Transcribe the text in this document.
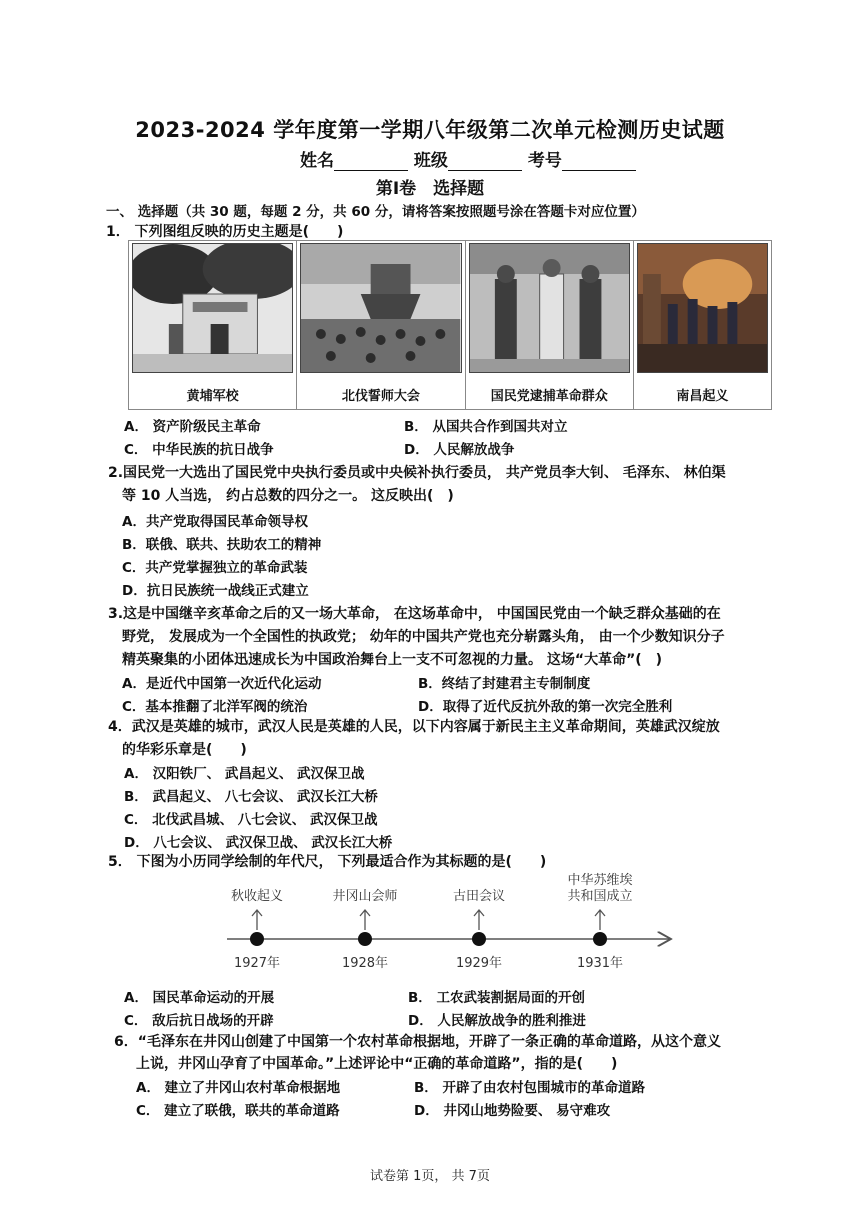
2023-2024 学年度第一学期八年级第二次单元检测历史试题
姓名	班级	考号
第Ⅰ卷　选择题
一、 选择题（共 30 题，每题 2 分，共 60 分，请将答案按照题号涂在答题卡对应位置）
1． 下列图组反映的历史主题是(　　)
黄埔军校	北伐誓师大会	国民党逮捕革命群众	南昌起义
A． 资产阶级民主革命	B． 从国共合作到国共对立
C． 中华民族的抗日战争	D． 人民解放战争
2.国民党一大选出了国民党中央执行委员或中央候补执行委员， 共产党员李大钊、 毛泽东、 林伯渠
等 10 人当选， 约占总数的四分之一。 这反映出(　)
A．共产党取得国民革命领导权
B．联俄、联共、扶助农工的精神
C．共产党掌握独立的革命武装
D．抗日民族统一战线正式建立
3.这是中国继辛亥革命之后的又一场大革命， 在这场革命中， 中国国民党由一个缺乏群众基础的在
野党， 发展成为一个全国性的执政党； 幼年的中国共产党也充分崭露头角， 由一个少数知识分子
精英聚集的小团体迅速成长为中国政治舞台上一支不可忽视的力量。 这场“大革命”(　)
A．是近代中国第一次近代化运动	B．终结了封建君主专制制度
C．基本推翻了北洋军阀的统治	D．取得了近代反抗外敌的第一次完全胜利
4．武汉是英雄的城市，武汉人民是英雄的人民，以下内容属于新民主主义革命期间，英雄武汉绽放
的华彩乐章是(　　)
A． 汉阳铁厂、 武昌起义、 武汉保卫战
B． 武昌起义、 八七会议、 武汉长江大桥
C． 北伐武昌城、 八七会议、 武汉保卫战
D． 八七会议、 武汉保卫战、 武汉长江大桥
5． 下图为小历同学绘制的年代尺， 下列最适合作为其标题的是(　　)
秋收起义
1927年
井冈山会师
1928年
古田会议
1929年
中华苏维埃
共和国成立
1931年
A． 国民革命运动的开展	B． 工农武装割据局面的开创
C． 敌后抗日战场的开辟	D． 人民解放战争的胜利推进
6．“毛泽东在井冈山创建了中国第一个农村革命根据地，开辟了一条正确的革命道路，从这个意义
上说，井冈山孕育了中国革命。”上述评论中“正确的革命道路”，指的是(　　)
A． 建立了井冈山农村革命根据地	B． 开辟了由农村包围城市的革命道路
C． 建立了联俄，联共的革命道路	D． 井冈山地势险要、 易守难攻
试卷第 1页， 共 7页
